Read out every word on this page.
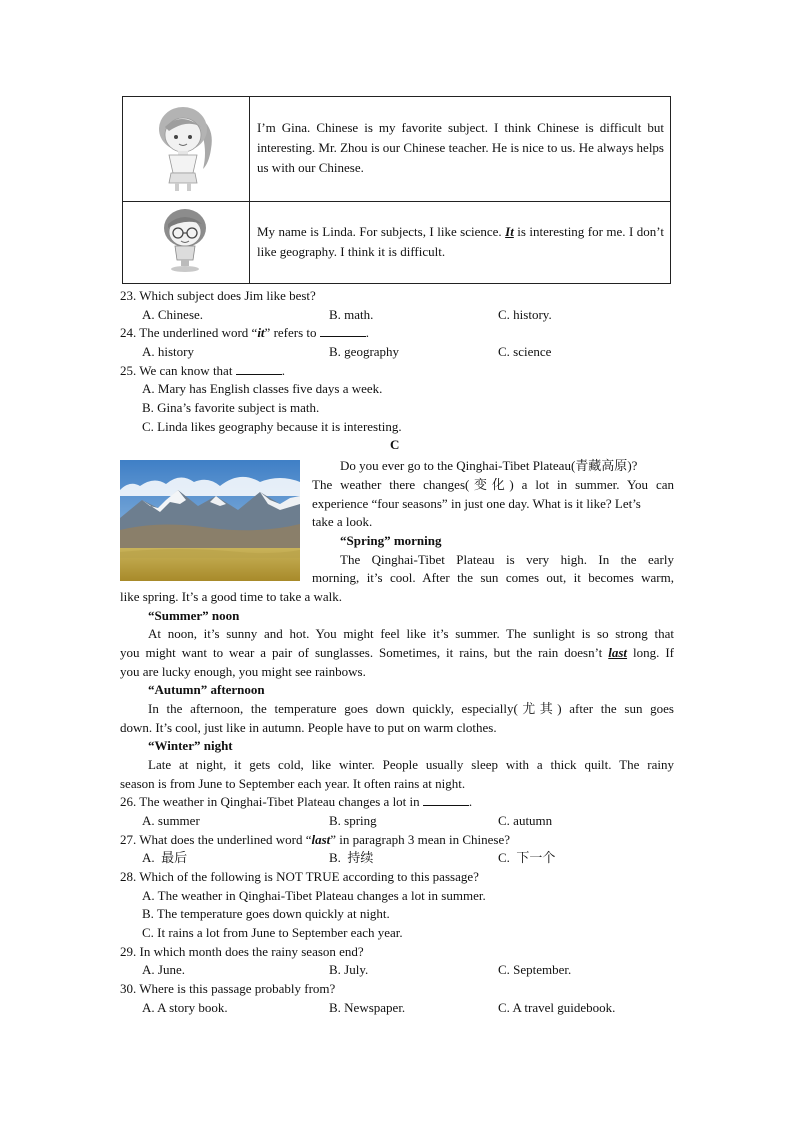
I’m Gina. Chinese is my favorite subject. I think Chinese is difficult but interesting. Mr. Zhou is our Chinese teacher. He is nice to us. He always helps us with our Chinese.
My name is Linda. For subjects, I like science. It is interesting for me. I don’t like geography. I think it is difficult.
23. Which subject does Jim like best?
A. Chinese.	B. math.	C. history.
24. The underlined word “it” refers to	.
A. history	B. geography	C. science
25. We can know that	.
A. Mary has English classes five days a week.
B. Gina’s favorite subject is math.
C. Linda likes geography because it is interesting.
C
Do you ever go to the Qinghai-Tibet Plateau(青藏高原)?
The weather there changes(变化) a lot in summer. You can
experience “four seasons” in just one day. What is it like? Let’s
take a look.
“Spring” morning
The Qinghai-Tibet Plateau is very high. In the early
morning, it’s cool. After the sun comes out, it becomes warm,
like spring. It’s a good time to take a walk.
“Summer” noon
At noon, it’s sunny and hot. You might feel like it’s summer. The sunlight is so strong that
you might want to wear a pair of sunglasses. Sometimes, it rains, but the rain doesn’t last long. If
you are lucky enough, you might see rainbows.
“Autumn” afternoon
In the afternoon, the temperature goes down quickly, especially(尤其) after the sun goes
down. It’s cool, just like in autumn. People have to put on warm clothes.
“Winter” night
Late at night, it gets cold, like winter. People usually sleep with a thick quilt. The rainy
season is from June to September each year. It often rains at night.
26. The weather in Qinghai-Tibet Plateau changes a lot in	.
A. summer	B. spring	C. autumn
27. What does the underlined word “last” in paragraph 3 mean in Chinese?
A. 最后	B. 持续	C. 下一个
28. Which of the following is NOT TRUE according to this passage?
A. The weather in Qinghai-Tibet Plateau changes a lot in summer.
B. The temperature goes down quickly at night.
C. It rains a lot from June to September each year.
29. In which month does the rainy season end?
A. June.	B. July.	C. September.
30. Where is this passage probably from?
A. A story book.	B. Newspaper.	C. A travel guidebook.
